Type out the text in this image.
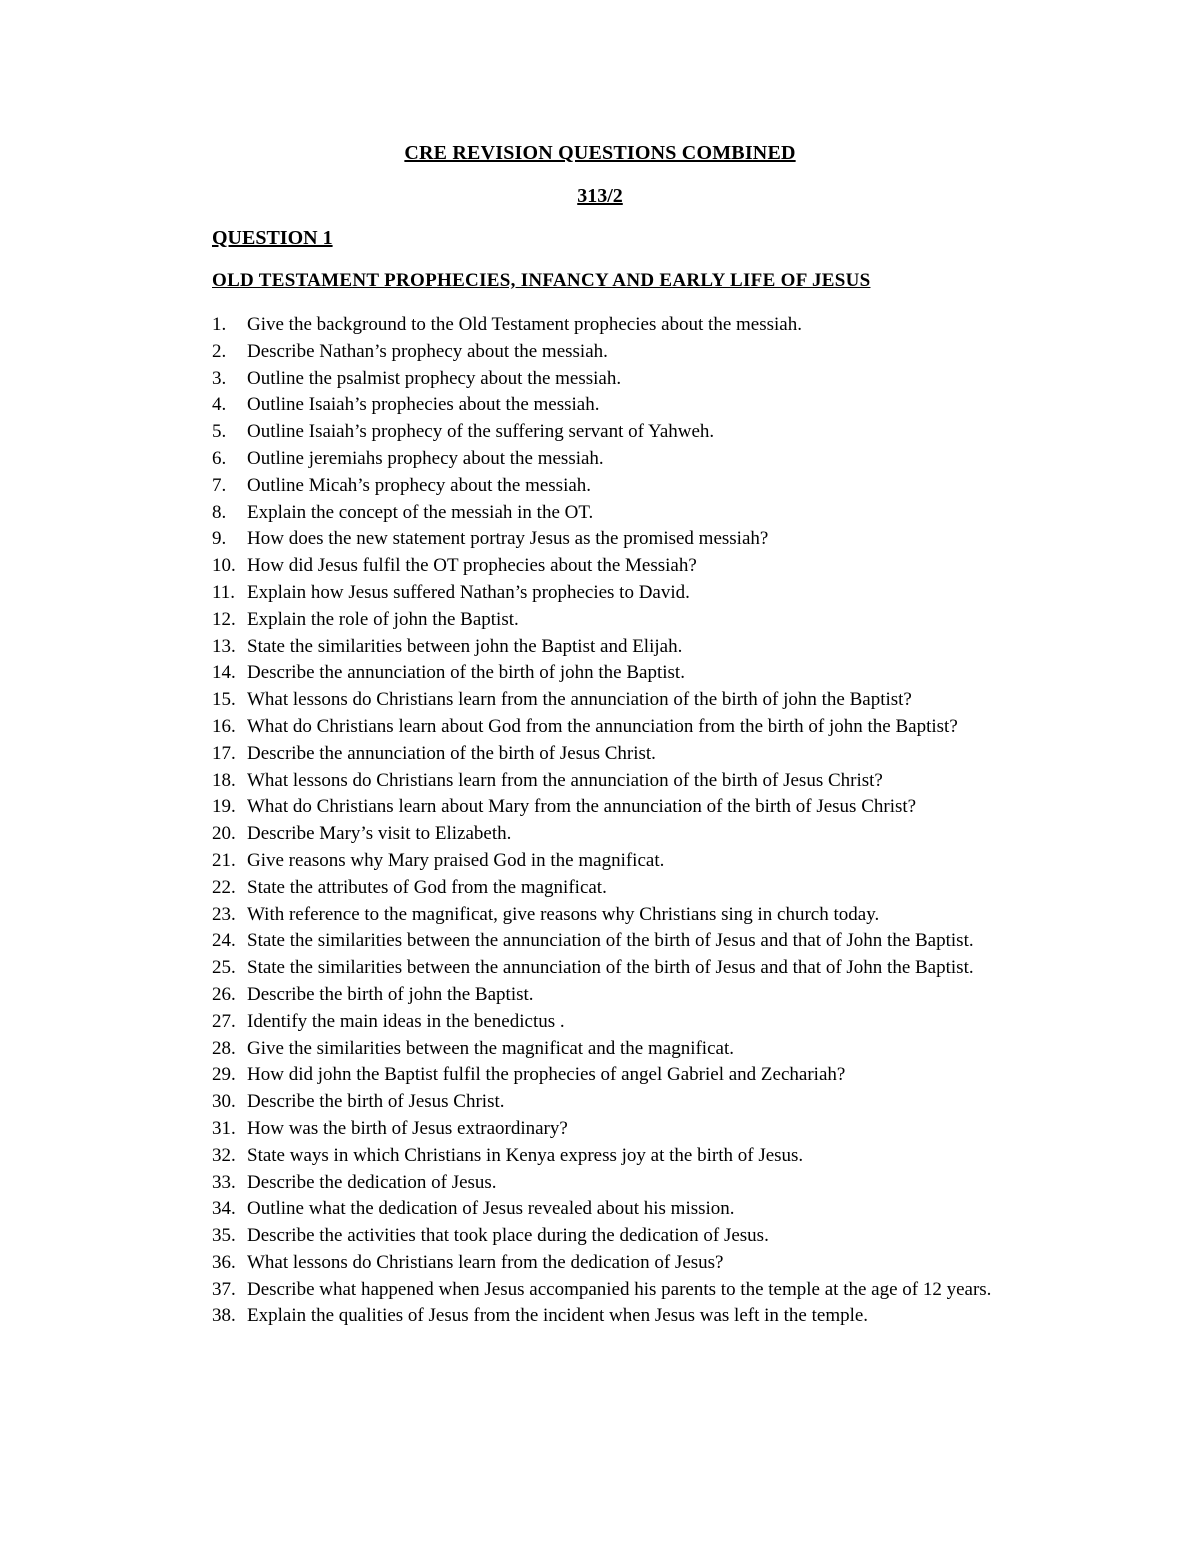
CRE REVISION QUESTIONS COMBINED
313/2
QUESTION 1
OLD TESTAMENT PROPHECIES, INFANCY AND EARLY LIFE OF JESUS
1.	Give the background to the Old Testament prophecies about the messiah.
2.	Describe Nathan’s prophecy about the messiah.
3.	Outline the psalmist prophecy about the messiah.
4.	Outline Isaiah’s prophecies about the messiah.
5.	Outline Isaiah’s prophecy of the suffering servant of Yahweh.
6.	Outline jeremiahs prophecy about the messiah.
7.	Outline Micah’s prophecy about the messiah.
8.	Explain the concept of the messiah in the OT.
9.	How does the new statement portray Jesus as the promised messiah?
10. How did Jesus fulfil the OT prophecies about the Messiah?
11. Explain how Jesus suffered Nathan’s prophecies to David.
12. Explain the role of john the Baptist.
13. State the similarities between john the Baptist and Elijah.
14. Describe the annunciation of the birth of john the Baptist.
15. What lessons do Christians learn from the annunciation of the birth of john the Baptist?
16. What do Christians learn about God from the annunciation from the birth of john the Baptist?
17. Describe the annunciation of the birth of Jesus Christ.
18. What lessons do Christians learn from the annunciation of the birth of Jesus Christ?
19. What do Christians learn about Mary from the annunciation of the birth of Jesus Christ?
20. Describe Mary’s visit to Elizabeth.
21. Give reasons why Mary praised God in the magnificat.
22. State the attributes of God from the magnificat.
23. With reference to the magnificat, give reasons why Christians sing in church today.
24. State the similarities between the annunciation of the birth of Jesus and that of John the Baptist.
25. State the similarities between the annunciation of the birth of Jesus and that of John the Baptist.
26. Describe the birth of john the Baptist.
27. Identify the main ideas in the benedictus .
28. Give the similarities between the magnificat and the magnificat.
29. How did john the Baptist fulfil the prophecies of angel Gabriel and Zechariah?
30. Describe the birth of Jesus Christ.
31. How was the birth of Jesus extraordinary?
32. State ways in which Christians in Kenya express joy at the birth of Jesus.
33. Describe the dedication of Jesus.
34. Outline what the dedication of Jesus revealed about his mission.
35. Describe the activities that took place during the dedication of Jesus.
36. What lessons do Christians learn from the dedication of Jesus?
37. Describe what happened when Jesus accompanied his parents to the temple at the age of 12 years.
38. Explain the qualities of Jesus from the incident when Jesus was left in the temple.
